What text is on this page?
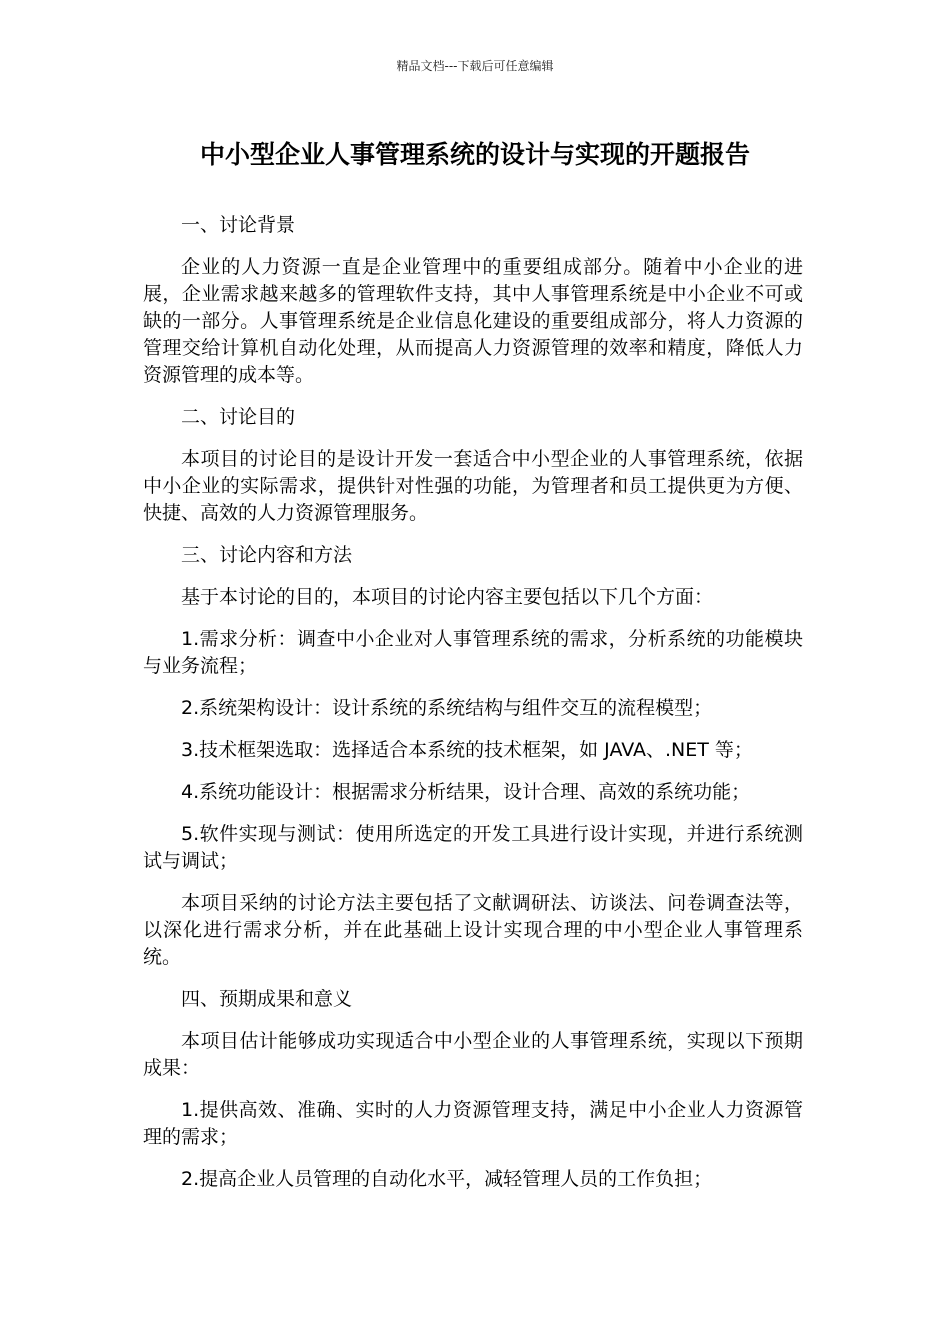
精品文档---下载后可任意编辑
中小型企业人事管理系统的设计与实现的开题报告

一、讨论背景

企业的人力资源一直是企业管理中的重要组成部分。随着中小企业的进展，企业需求越来越多的管理软件支持，其中人事管理系统是中小企业不可或缺的一部分。人事管理系统是企业信息化建设的重要组成部分，将人力资源的管理交给计算机自动化处理，从而提高人力资源管理的效率和精度，降低人力资源管理的成本等。

二、讨论目的

本项目的讨论目的是设计开发一套适合中小型企业的人事管理系统，依据中小企业的实际需求，提供针对性强的功能，为管理者和员工提供更为方便、快捷、高效的人力资源管理服务。

三、讨论内容和方法

基于本讨论的目的，本项目的讨论内容主要包括以下几个方面：

1.需求分析：调查中小企业对人事管理系统的需求，分析系统的功能模块与业务流程；

2.系统架构设计：设计系统的系统结构与组件交互的流程模型；

3.技术框架选取：选择适合本系统的技术框架，如 JAVA、.NET 等；

4.系统功能设计：根据需求分析结果，设计合理、高效的系统功能；

5.软件实现与测试：使用所选定的开发工具进行设计实现，并进行系统测试与调试；

本项目采纳的讨论方法主要包括了文献调研法、访谈法、问卷调查法等，以深化进行需求分析，并在此基础上设计实现合理的中小型企业人事管理系统。

四、预期成果和意义

本项目估计能够成功实现适合中小型企业的人事管理系统，实现以下预期成果：

1.提供高效、准确、实时的人力资源管理支持，满足中小企业人力资源管理的需求；

2.提高企业人员管理的自动化水平，减轻管理人员的工作负担；
